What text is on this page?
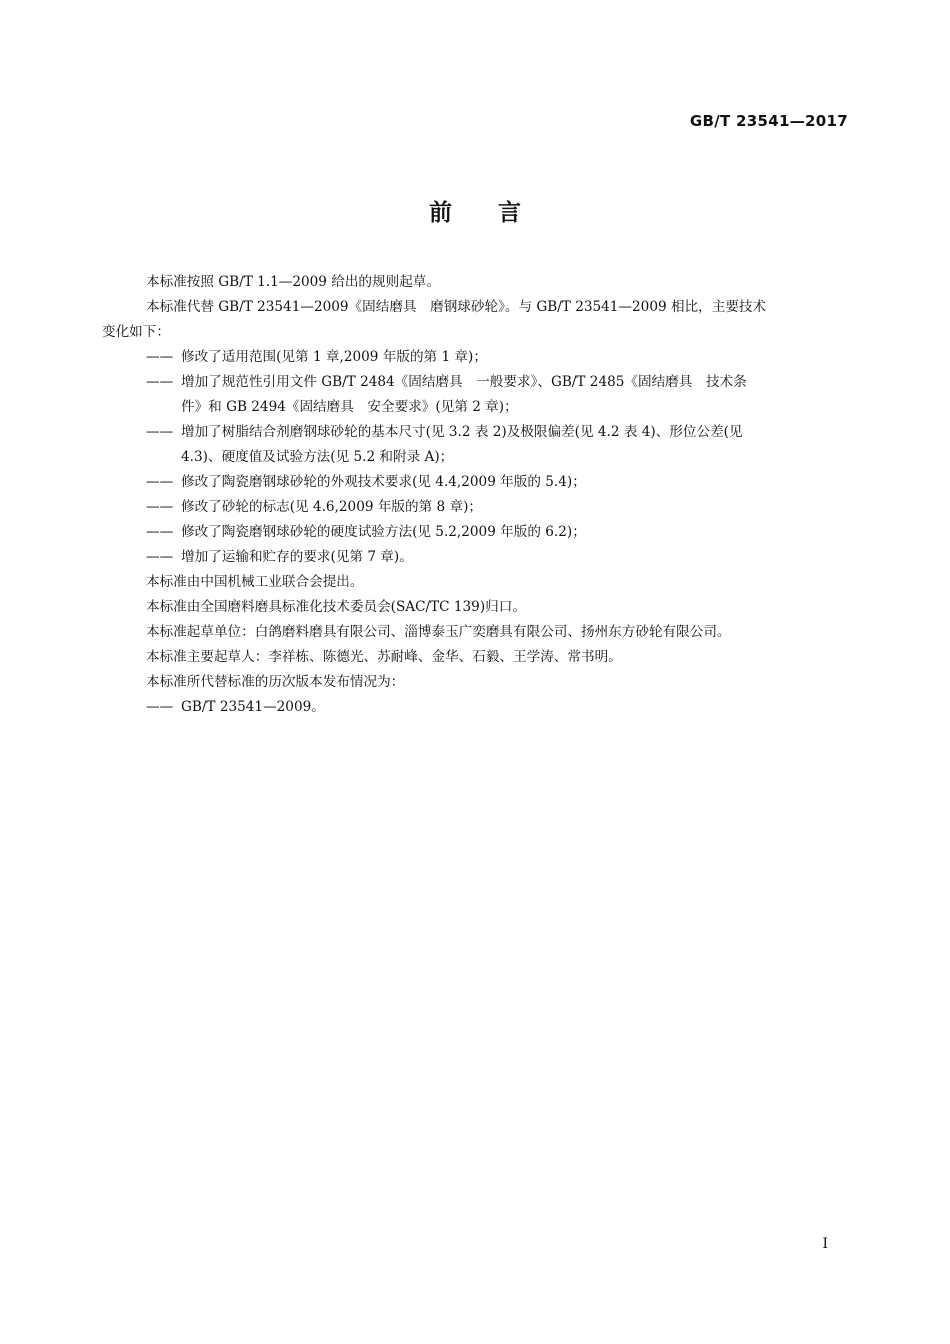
GB/T 23541—2017
前　　言

本标准按照 GB/T 1.1—2009 给出的规则起草。

本标准代替 GB/T 23541—2009《固结磨具　磨钢球砂轮》。与 GB/T 23541—2009 相比，主要技术

变化如下：

—— 修改了适用范围(见第 1 章,2009 年版的第 1 章)；

—— 增加了规范性引用文件 GB/T 2484《固结磨具　一般要求》、GB/T 2485《固结磨具　技术条

件》和 GB 2494《固结磨具　安全要求》(见第 2 章)；

—— 增加了树脂结合剂磨钢球砂轮的基本尺寸(见 3.2 表 2)及极限偏差(见 4.2 表 4)、形位公差(见

4.3)、硬度值及试验方法(见 5.2 和附录 A)；

—— 修改了陶瓷磨钢球砂轮的外观技术要求(见 4.4,2009 年版的 5.4)；

—— 修改了砂轮的标志(见 4.6,2009 年版的第 8 章)；

—— 修改了陶瓷磨钢球砂轮的硬度试验方法(见 5.2,2009 年版的 6.2)；

—— 增加了运输和贮存的要求(见第 7 章)。

本标准由中国机械工业联合会提出。

本标准由全国磨料磨具标准化技术委员会(SAC/TC 139)归口。

本标准起草单位：白鸽磨料磨具有限公司、淄博泰玉广奕磨具有限公司、扬州东方砂轮有限公司。

本标准主要起草人：李祥栋、陈德光、苏耐峰、金华、石毅、王学涛、常书明。

本标准所代替标准的历次版本发布情况为：

—— GB/T 23541—2009。

I
